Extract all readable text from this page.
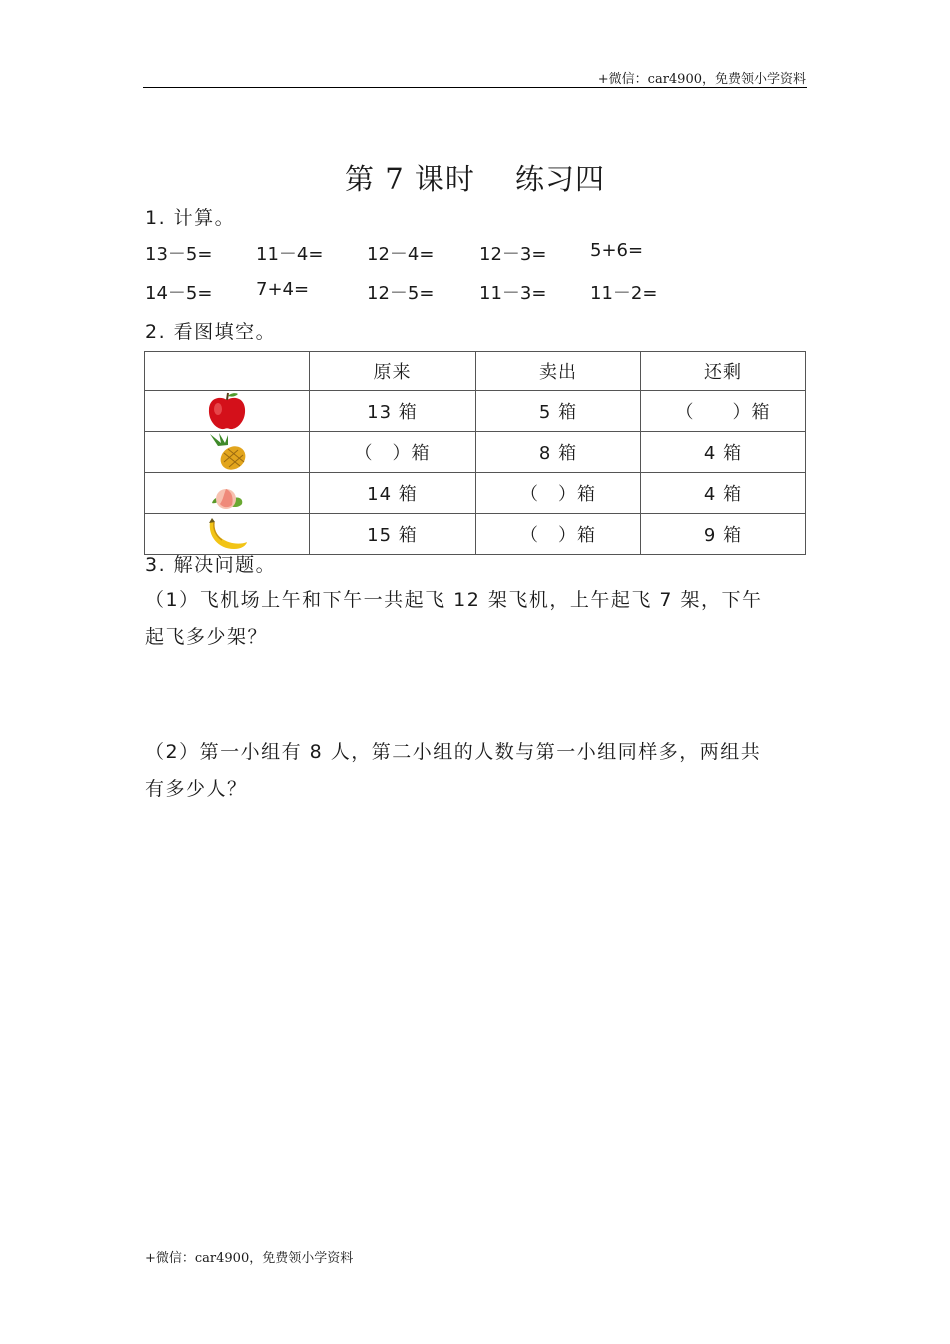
+微信：car4900，免费领小学资料
第 7 课时 练习四
1. 计算。
13－5= 11－4= 12－4= 12－3= 5+6=
14－5= 7+4=	12－5= 11－3= 11－2=
2. 看图填空。
	原来	卖出	还剩

	13 箱	5 箱	（　　）箱

	（　）箱	8 箱	4 箱

	14 箱	（　）箱	4 箱

	15 箱	（　）箱	9 箱
3. 解决问题。
（1）飞机场上午和下午一共起飞 12 架飞机，上午起飞 7 架，下午
起飞多少架？
（2）第一小组有 8 人，第二小组的人数与第一小组同样多，两组共
有多少人？
+微信：car4900，免费领小学资料
